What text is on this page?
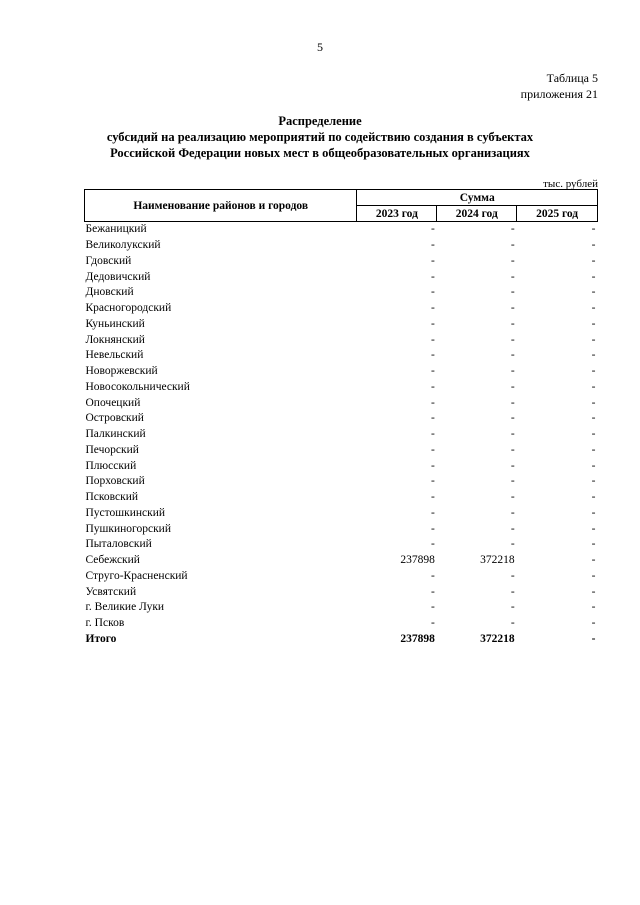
5
Таблица 5
приложения 21
Распределение
субсидий на реализацию мероприятий по содействию создания в субъектах
Российской Федерации новых мест в общеобразовательных организациях
тыс. рублей
Наименование районов и городов	Сумма		
	2023 год	2024 год	2025 год
Бежаницкий	-	-	-
Великолукский	-	-	-
Гдовский	-	-	-
Дедовичский	-	-	-
Дновский	-	-	-
Красногородский	-	-	-
Куньинский	-	-	-
Локнянский	-	-	-
Невельский	-	-	-
Новоржевский	-	-	-
Новосокольнический	-	-	-
Опочецкий	-	-	-
Островский	-	-	-
Палкинский	-	-	-
Печорский	-	-	-
Плюсский	-	-	-
Порховский	-	-	-
Псковский	-	-	-
Пустошкинский	-	-	-
Пушкиногорский	-	-	-
Пыталовский	-	-	-
Себежский	237898	372218	-
Струго-Красненский	-	-	-
Усвятский	-	-	-
г. Великие Луки	-	-	-
г. Псков	-	-	-
Итого	237898	372218	-
